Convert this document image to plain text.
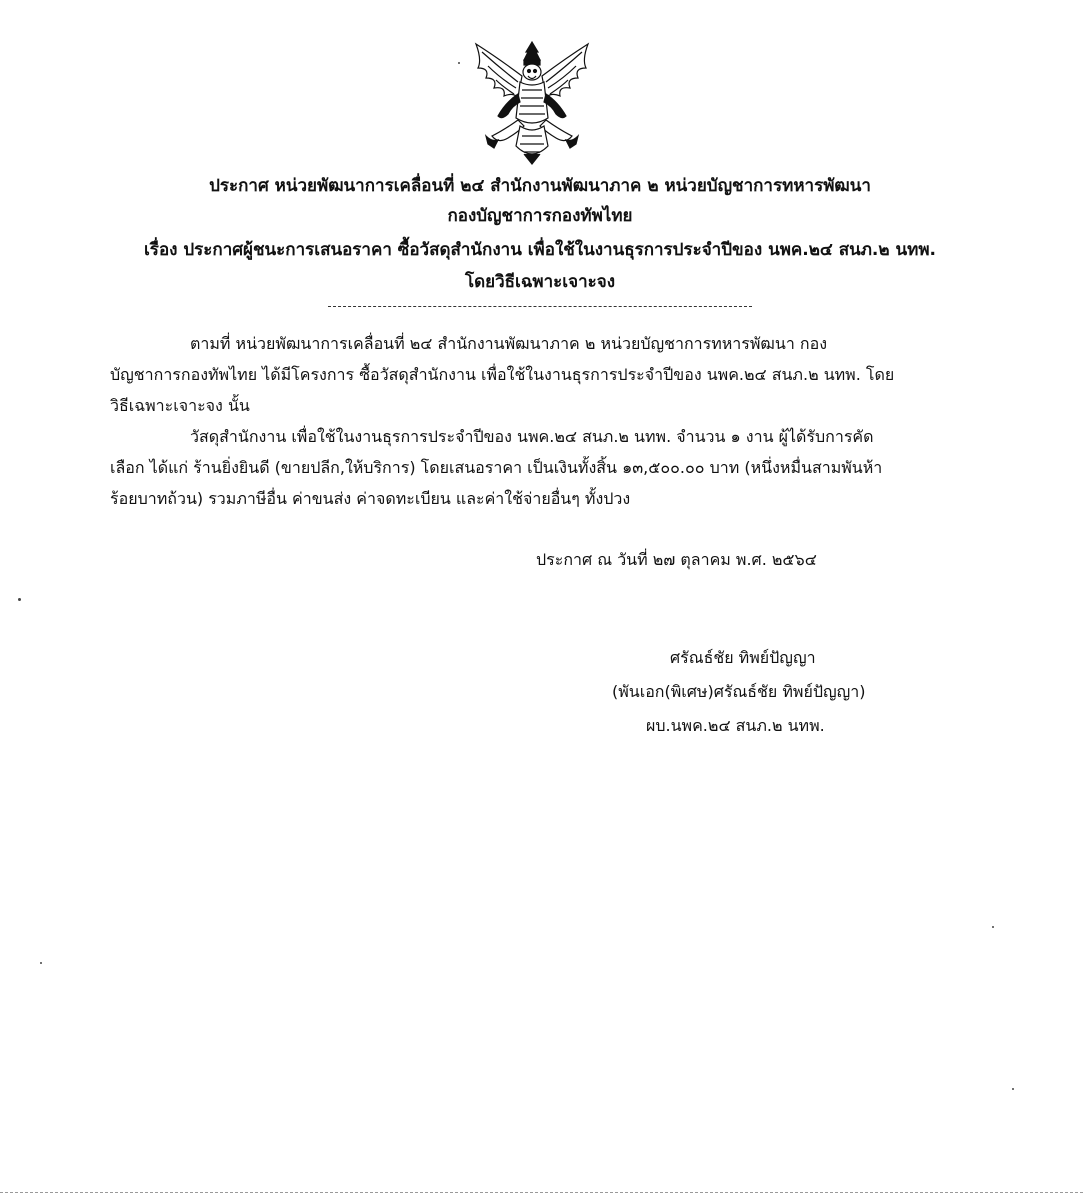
ประกาศ หน่วยพัฒนาการเคลื่อนที่ ๒๔ สำนักงานพัฒนาภาค ๒ หน่วยบัญชาการทหารพัฒนา
กองบัญชาการกองทัพไทย
เรื่อง ประกาศผู้ชนะการเสนอราคา ซื้อวัสดุสำนักงาน เพื่อใช้ในงานธุรการประจำปีของ นพค.๒๔ สนภ.๒ นทพ.
โดยวิธีเฉพาะเจาะจง
ตามที่ หน่วยพัฒนาการเคลื่อนที่ ๒๔ สำนักงานพัฒนาภาค ๒ หน่วยบัญชาการทหารพัฒนา กอง
บัญชาการกองทัพไทย ได้มีโครงการ ซื้อวัสดุสำนักงาน เพื่อใช้ในงานธุรการประจำปีของ นพค.๒๔ สนภ.๒ นทพ. โดย
วิธีเฉพาะเจาะจง นั้น
วัสดุสำนักงาน เพื่อใช้ในงานธุรการประจำปีของ นพค.๒๔ สนภ.๒ นทพ. จำนวน ๑ งาน ผู้ได้รับการคัด
เลือก ได้แก่ ร้านยิ่งยินดี (ขายปลีก,ให้บริการ) โดยเสนอราคา เป็นเงินทั้งสิ้น ๑๓,๕๐๐.๐๐ บาท (หนึ่งหมื่นสามพันห้า
ร้อยบาทถ้วน) รวมภาษีอื่น ค่าขนส่ง ค่าจดทะเบียน และค่าใช้จ่ายอื่นๆ ทั้งปวง
ประกาศ ณ วันที่ ๒๗ ตุลาคม พ.ศ. ๒๕๖๔
ศรัณธ์ชัย ทิพย์ปัญญา
(พันเอก(พิเศษ)ศรัณธ์ชัย ทิพย์ปัญญา)
ผบ.นพค.๒๔ สนภ.๒ นทพ.
